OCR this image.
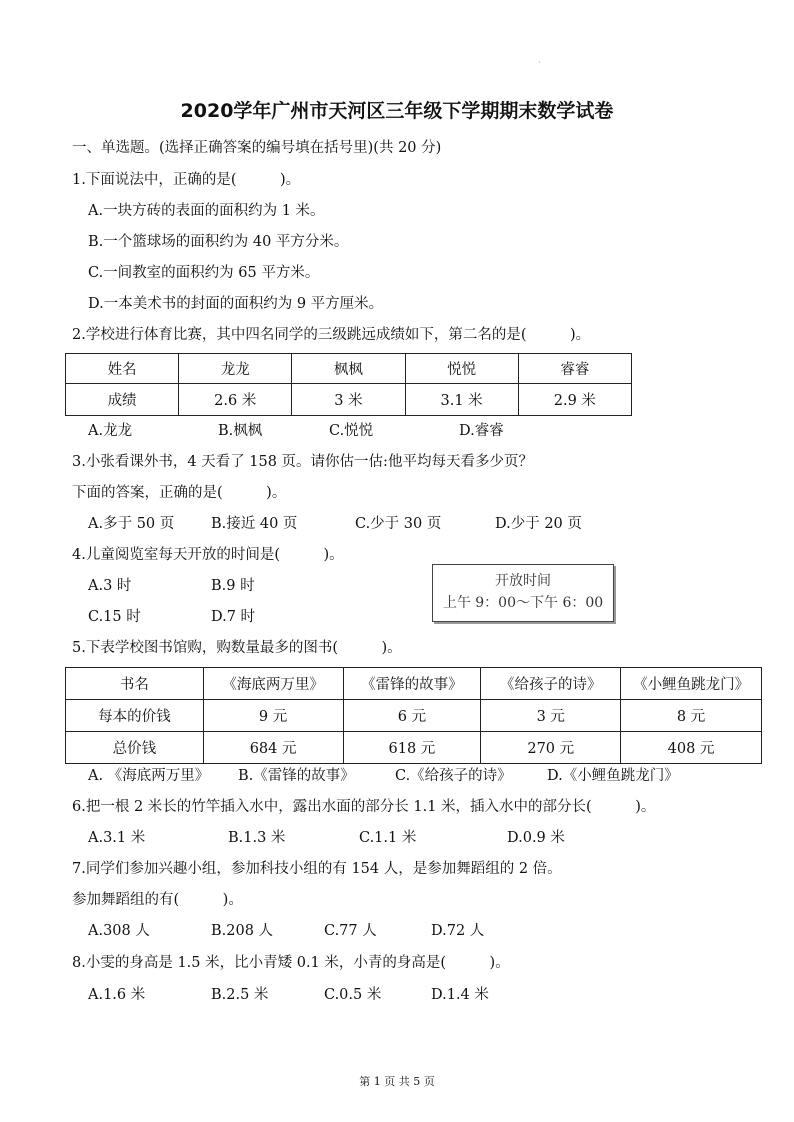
·
2020学年广州市天河区三年级下学期期末数学试卷
一、单选题。(选择正确答案的编号填在括号里)(共 20 分)
1.下面说法中，正确的是(　　　)。
A.一块方砖的表面的面积约为 1 米。
B.一个篮球场的面积约为 40 平方分米。
C.一间教室的面积约为 65 平方米。
D.一本美术书的封面的面积约为 9 平方厘米。
2.学校进行体育比赛，其中四名同学的三级跳远成绩如下，第二名的是(　　　)。
姓名	龙龙	枫枫	悦悦	睿睿
成绩	2.6 米	3 米	3.1 米	2.9 米
A.龙龙	B.枫枫	C.悦悦	D.睿睿
3.小张看课外书，4 天看了 158 页。请你估一估:他平均每天看多少页？
下面的答案，正确的是(　　　)。
A.多于 50 页	B.接近 40 页	C.少于 30 页	D.少于 20 页
4.儿童阅览室每天开放的时间是(　　　)。
A.3 时	B.9 时
C.15 时	D.7 时
开放时间
上午 9：00～下午 6：00
5.下表学校图书馆购，购数量最多的图书(　　　)。
书名	《海底两万里》	《雷锋的故事》	《给孩子的诗》	《小鲤鱼跳龙门》
每本的价钱	9 元	6 元	3 元	8 元
总价钱	684 元	618 元	270 元	408 元
A. 《海底两万里》 B.《雷锋的故事》	C.《给孩子的诗》 D.《小鲤鱼跳龙门》
6.把一根 2 米长的竹竿插入水中，露出水面的部分长 1.1 米，插入水中的部分长(　　　)。
A.3.1 米	B.1.3 米	C.1.1 米	D.0.9 米
7.同学们参加兴趣小组，参加科技小组的有 154 人，是参加舞蹈组的 2 倍。
参加舞蹈组的有(　　　)。
A.308 人	B.208 人	C.77 人	D.72 人
8.小雯的身高是 1.5 米，比小青矮 0.1 米，小青的身高是(　　　)。
A.1.6 米	B.2.5 米	C.0.5 米	D.1.4 米
第 1 页 共 5 页
